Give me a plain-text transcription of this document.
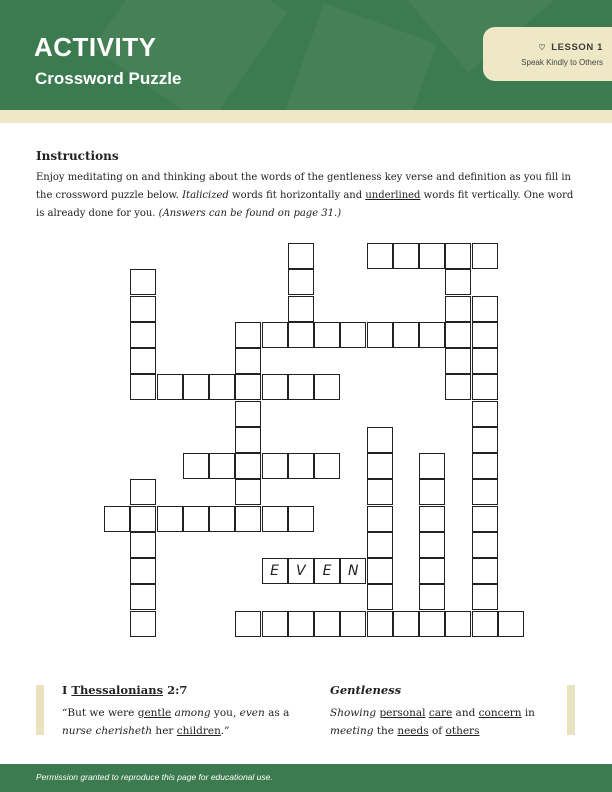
ACTIVITY
Crossword Puzzle
♡ LESSON 1
Speak Kindly to Others
Instructions
Enjoy meditating on and thinking about the words of the gentleness key verse and definition as you fill in the crossword puzzle below. Italicized words fit horizontally and underlined words fit vertically. One word is already done for you. (Answers can be found on page 31.)
E	V	E	N
I Thessalonians 2:7
“But we were gentle among you, even as a
nurse cherisheth her children.”
Gentleness
Showing personal care and concern in
meeting the needs of others
Permission granted to reproduce this page for educational use.
